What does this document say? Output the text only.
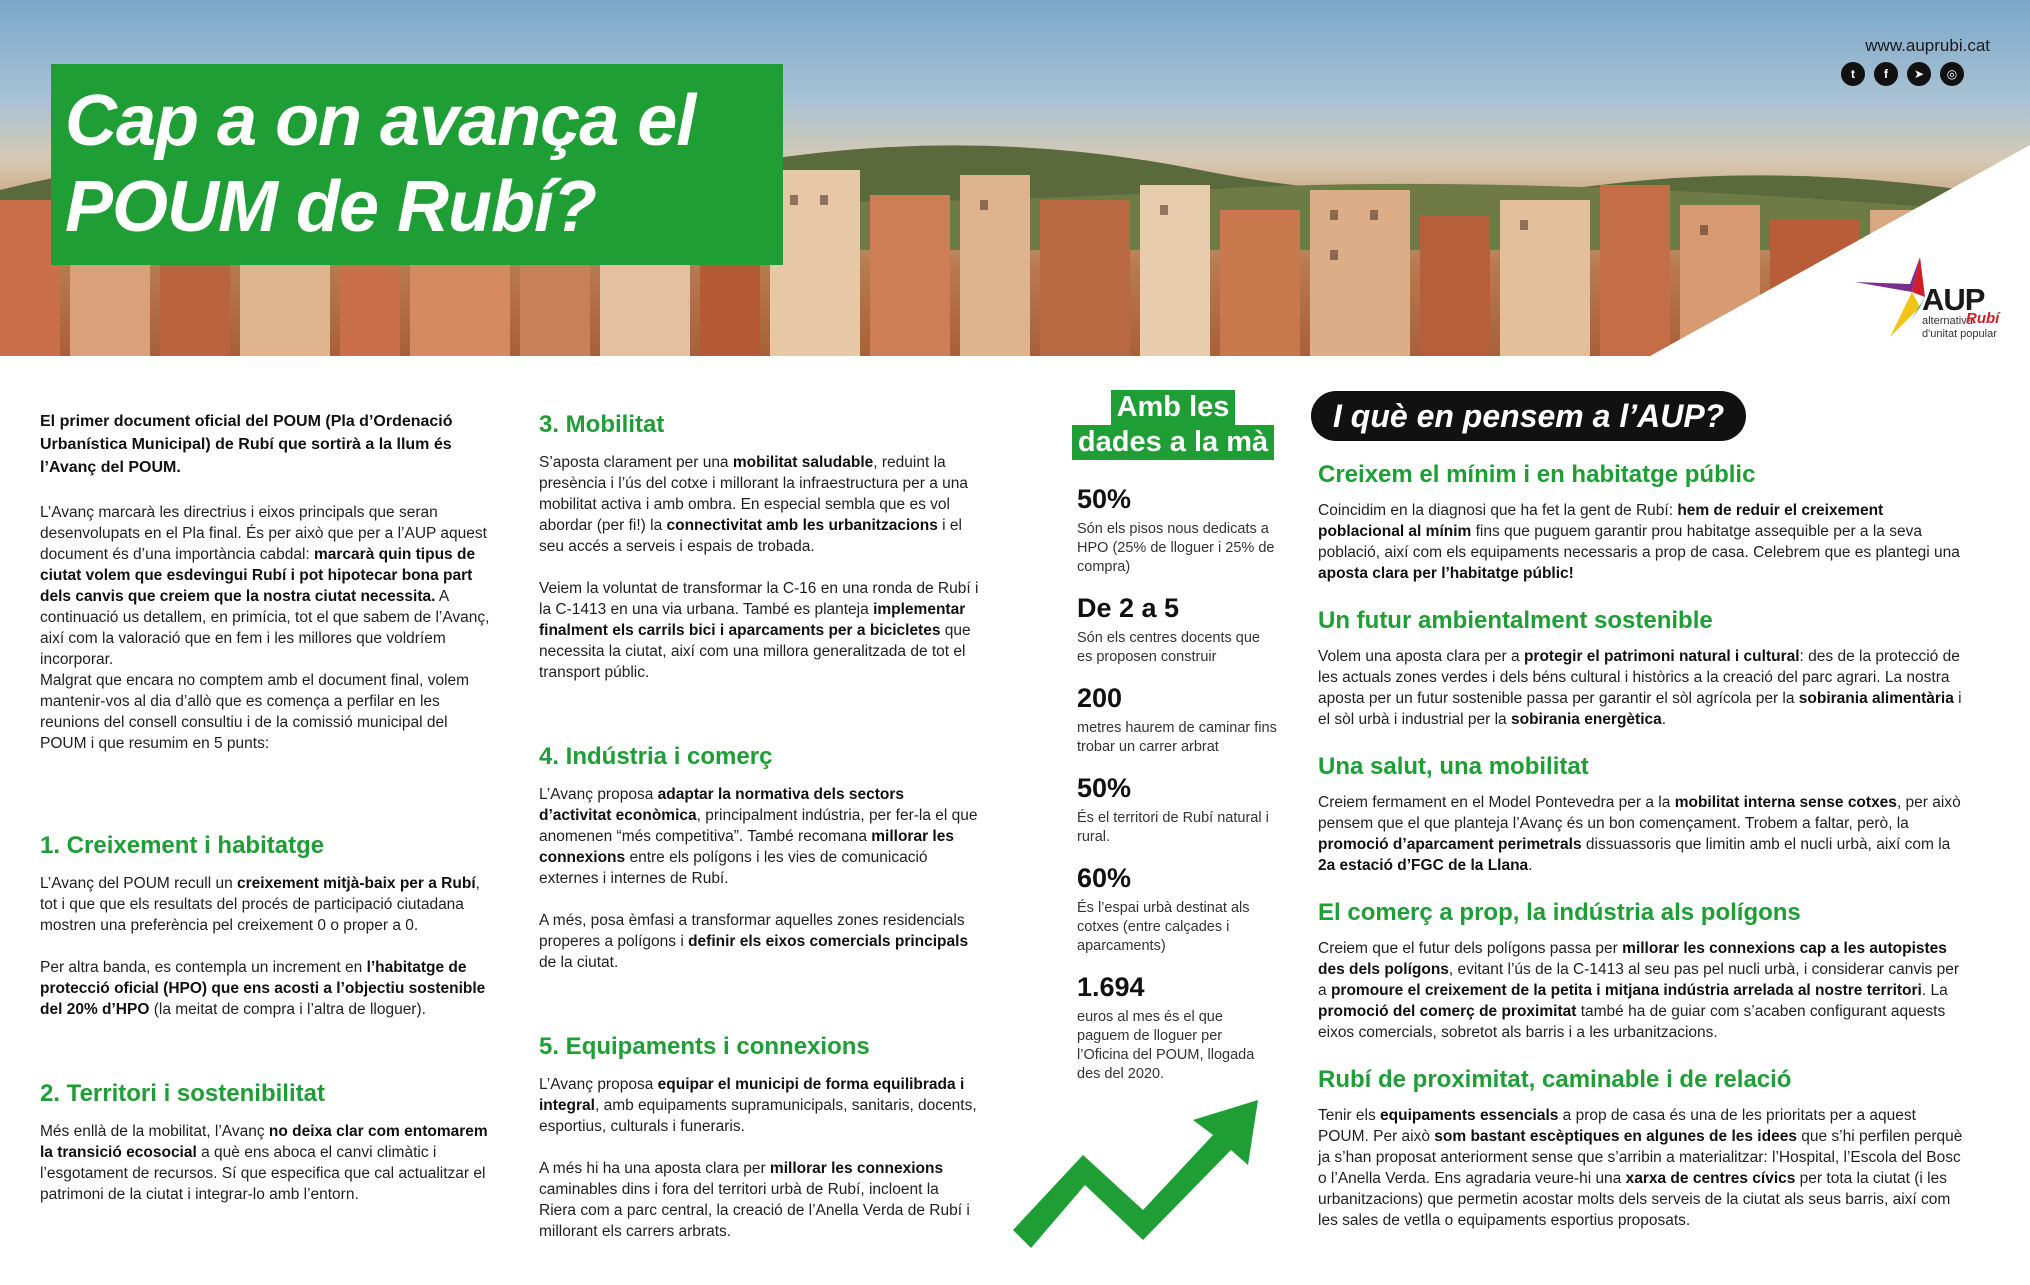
Cap a on avança el
POUM de Rubí?
www.auprubi.cat
t	f	➤	◎
AUP
alternativa
Rubí
d'unitat popular

El primer document oficial del POUM (Pla d’Ordenació Urbanística Municipal) de Rubí que sortirà a la llum és l’Avanç del POUM.

L’Avanç marcarà les directrius i eixos principals que seran desenvolupats en el Pla final. És per això que per a l’AUP aquest document és d’una importància cabdal: marcarà quin tipus de ciutat volem que esdevingui Rubí i pot hipotecar bona part dels canvis que creiem que la nostra ciutat necessita. A continuació us detallem, en primícia, tot el que sabem de l’Avanç, així com la valoració que en fem i les millores que voldríem incorporar.
Malgrat que encara no comptem amb el document final, volem mantenir-vos al dia d’allò que es comença a perfilar en les reunions del consell consultiu i de la comissió municipal del POUM i que resumim en 5 punts:

1. Creixement i habitatge

L’Avanç del POUM recull un creixement mitjà-baix per a Rubí, tot i que que els resultats del procés de participació ciutadana mostren una preferència pel creixement 0 o proper a 0.

Per altra banda, es contempla un increment en l’habitatge de protecció oficial (HPO) que ens acosti a l’objectiu sostenible del 20% d’HPO (la meitat de compra i l’altra de lloguer).

2. Territori i sostenibilitat

Més enllà de la mobilitat, l’Avanç no deixa clar com entomarem la transició ecosocial a què ens aboca el canvi climàtic i l’esgotament de recursos. Sí que especifica que cal actualitzar el patrimoni de la ciutat i integrar-lo amb l’entorn.

3. Mobilitat

S’aposta clarament per una mobilitat saludable, reduint la presència i l’ús del cotxe i millorant la infraestructura per a una mobilitat activa i amb ombra. En especial sembla que es vol abordar (per fi!) la connectivitat amb les urbanitzacions i el seu accés a serveis i espais de trobada.

Veiem la voluntat de transformar la C-16 en una ronda de Rubí i la C-1413 en una via urbana. També es planteja implementar finalment els carrils bici i aparcaments per a bicicletes que necessita la ciutat, així com una millora generalitzada de tot el transport públic.

4. Indústria i comerç

L’Avanç proposa adaptar la normativa dels sectors d’activitat econòmica, principalment indústria, per fer-la el que anomenen “més competitiva”. També recomana millorar les connexions entre els polígons i les vies de comunicació externes i internes de Rubí.

A més, posa èmfasi a transformar aquelles zones residencials properes a polígons i definir els eixos comercials principals de la ciutat.

5. Equipaments i connexions

L’Avanç proposa equipar el municipi de forma equilibrada i integral, amb equipaments supramunicipals, sanitaris, docents, esportius, culturals i funeraris.

A més hi ha una aposta clara per millorar les connexions caminables dins i fora del territori urbà de Rubí, incloent la Riera com a parc central, la creació de l’Anella Verda de Rubí i millorant els carrers arbrats.

Amb les
dades a la mà
50%
Són els pisos nous dedicats a HPO (25% de lloguer i 25% de compra)
De 2 a 5
Són els centres docents que es proposen construir
200
metres haurem de caminar fins trobar un carrer arbrat
50%
És el territori de Rubí natural i rural.
60%
És l’espai urbà destinat als cotxes (entre calçades i aparcaments)
1.694
euros al mes és el que paguem de lloguer per l’Oficina del POUM, llogada des del 2020.
I què en pensem a l’AUP?
Creixem el mínim i en habitatge públic

Coincidim en la diagnosi que ha fet la gent de Rubí: hem de reduir el creixement poblacional al mínim fins que puguem garantir prou habitatge assequible per a la seva població, així com els equipaments necessaris a prop de casa. Celebrem que es plantegi una aposta clara per l’habitatge públic!

Un futur ambientalment sostenible

Volem una aposta clara per a protegir el patrimoni natural i cultural: des de la protecció de les actuals zones verdes i dels béns cultural i històrics a la creació del parc agrari. La nostra aposta per un futur sostenible passa per garantir el sòl agrícola per la sobirania alimentària i el sòl urbà i industrial per la sobirania energètica.

Una salut, una mobilitat

Creiem fermament en el Model Pontevedra per a la mobilitat interna sense cotxes, per això pensem que el que planteja l’Avanç és un bon començament. Trobem a faltar, però, la promoció d’aparcament perimetrals dissuassoris que limitin amb el nucli urbà, així com la 2a estació d’FGC de la Llana.

El comerç a prop, la indústria als polígons

Creiem que el futur dels polígons passa per millorar les connexions cap a les autopistes des dels polígons, evitant l’ús de la C-1413 al seu pas pel nucli urbà, i considerar canvis per a promoure el creixement de la petita i mitjana indústria arrelada al nostre territori. La promoció del comerç de proximitat també ha de guiar com s’acaben configurant aquests eixos comercials, sobretot als barris i a les urbanitzacions.

Rubí de proximitat, caminable i de relació

Tenir els equipaments essencials a prop de casa és una de les prioritats per a aquest POUM. Per això som bastant escèptiques en algunes de les idees que s’hi perfilen perquè ja s’han proposat anteriorment sense que s’arribin a materialitzar: l’Hospital, l’Escola del Bosc o l’Anella Verda. Ens agradaria veure-hi una xarxa de centres cívics per tota la ciutat (i les urbanitzacions) que permetin acostar molts dels serveis de la ciutat als seus barris, així com les sales de vetlla o equipaments esportius proposats.
